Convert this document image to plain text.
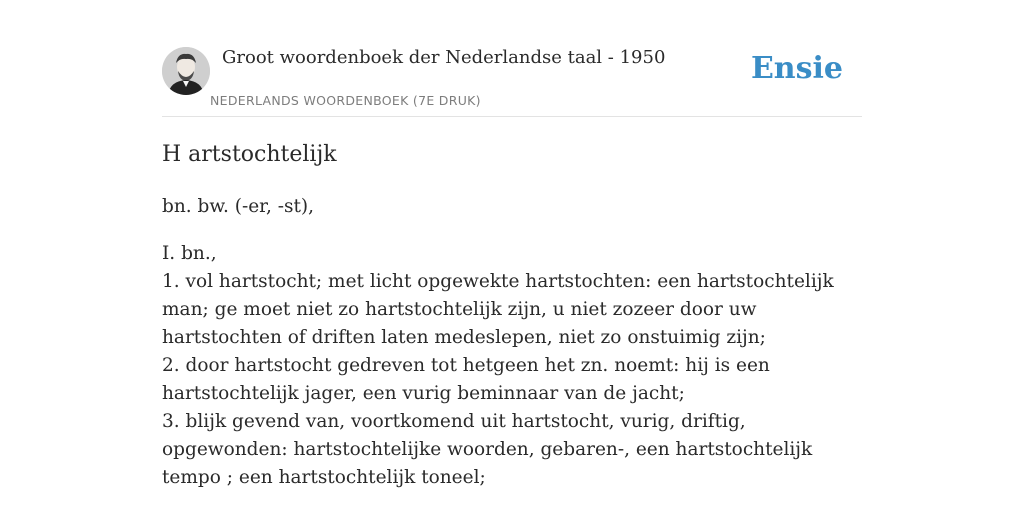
Groot woordenboek der Nederlandse taal - 1950
NEDERLANDS WOORDENBOEK (7E DRUK)
Ensie
H artstochtelijk

bn. bw. (-er, -st),

I. bn.,
1. vol hartstocht; met licht opgewekte hartstochten: een hartstochtelijk man; ge moet niet zo hartstochtelijk zijn, u niet zozeer door uw hartstochten of driften laten medeslepen, niet zo onstuimig zijn;
2. door hartstocht gedreven tot hetgeen het zn. noemt: hij is een hartstochtelijk jager, een vurig beminnaar van de jacht;
3. blijk gevend van, voortkomend uit hartstocht, vurig, driftig, opgewonden: hartstochtelijke woorden, gebaren-, een hartstochtelijk tempo ; een hartstochtelijk toneel;
